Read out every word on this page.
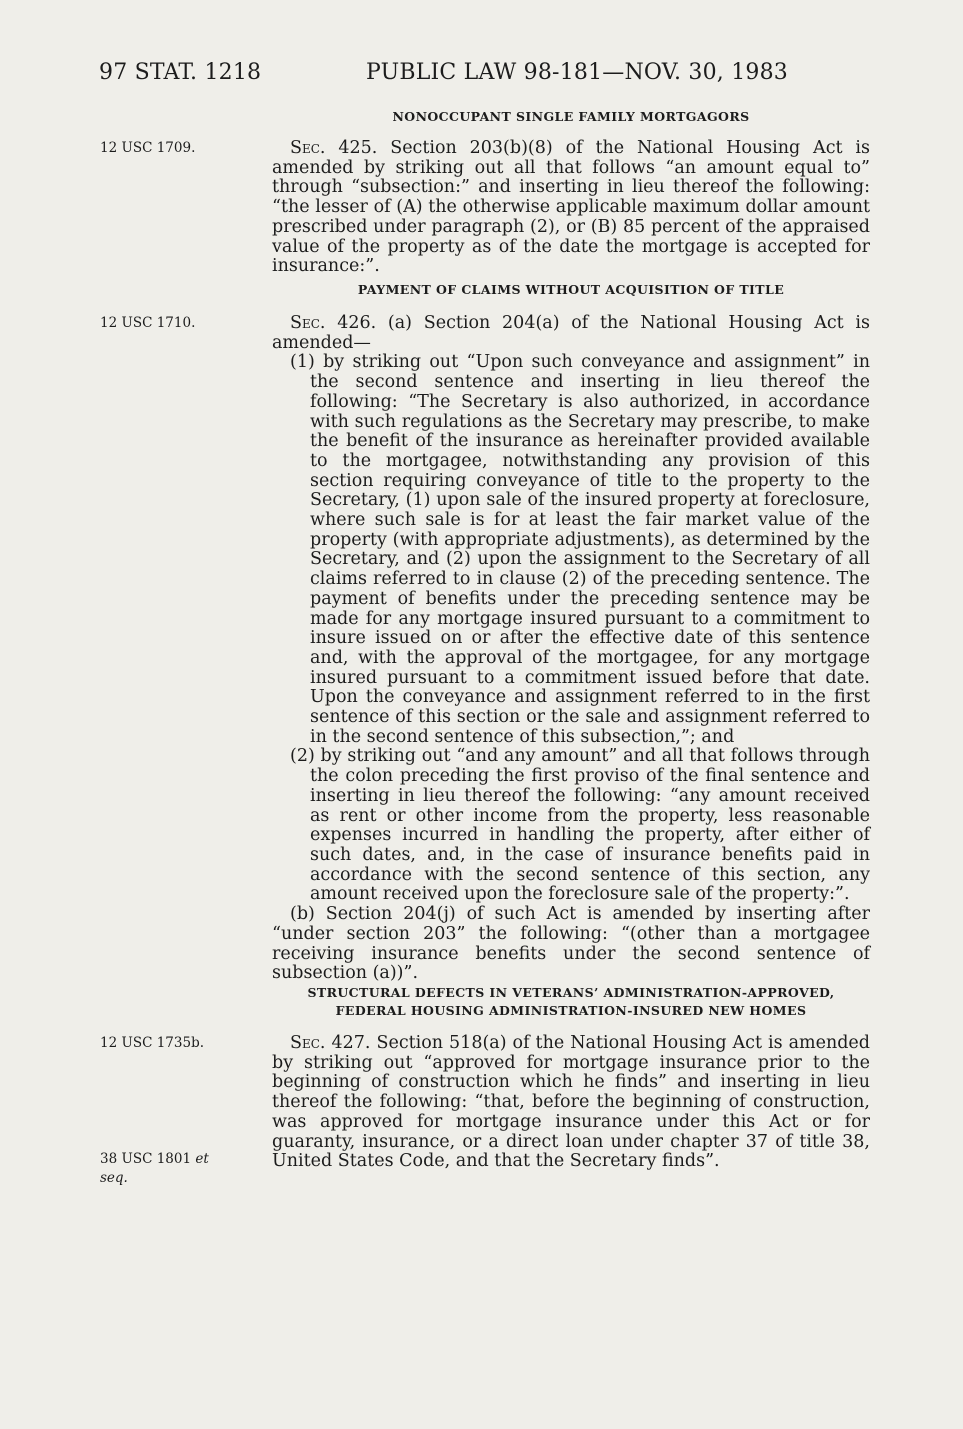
97 STAT. 1218	PUBLIC LAW 98-181—NOV. 30, 1983
NONOCCUPANT SINGLE FAMILY MORTGAGORS
12 USC 1709.	Sec. 425. Section 203(b)(8) of the National Housing Act is amended by striking out all that follows “an amount equal to” through “subsection:” and inserting in lieu thereof the following: “the lesser of (A) the otherwise applicable maximum dollar amount prescribed under paragraph (2), or (B) 85 percent of the appraised value of the property as of the date the mortgage is accepted for insurance:”.

PAYMENT OF CLAIMS WITHOUT ACQUISITION OF TITLE
12 USC 1710.	Sec. 426. (a) Section 204(a) of the National Housing Act is amended—

(1) by striking out “Upon such conveyance and assignment” in the second sentence and inserting in lieu thereof the following: “The Secretary is also authorized, in accordance with such regulations as the Secretary may prescribe, to make the benefit of the insurance as hereinafter provided available to the mortgagee, notwithstanding any provision of this section requiring conveyance of title to the property to the Secretary, (1) upon sale of the insured property at foreclosure, where such sale is for at least the fair market value of the property (with appropriate adjustments), as determined by the Secretary, and (2) upon the assignment to the Secretary of all claims referred to in clause (2) of the preceding sentence. The payment of benefits under the preceding sentence may be made for any mortgage insured pursuant to a commitment to insure issued on or after the effective date of this sentence and, with the approval of the mortgagee, for any mortgage insured pursuant to a commitment issued before that date. Upon the conveyance and assignment referred to in the first sentence of this section or the sale and assignment referred to in the second sentence of this subsection,”; and

(2) by striking out “and any amount” and all that follows through the colon preceding the first proviso of the final sentence and inserting in lieu thereof the following: “any amount received as rent or other income from the property, less reasonable expenses incurred in handling the property, after either of such dates, and, in the case of insurance benefits paid in accordance with the second sentence of this section, any amount received upon the foreclosure sale of the property:”.

(b) Section 204(j) of such Act is amended by inserting after “under section 203” the following: “(other than a mortgagee receiving insurance benefits under the second sentence of subsection (a))”.

STRUCTURAL DEFECTS IN VETERANS’ ADMINISTRATION-APPROVED,
FEDERAL HOUSING ADMINISTRATION-INSURED NEW HOMES
12 USC 1735b.
38 USC 1801 et
seq.

Sec. 427. Section 518(a) of the National Housing Act is amended by striking out “approved for mortgage insurance prior to the beginning of construction which he finds” and inserting in lieu thereof the following: “that, before the beginning of construction, was approved for mortgage insurance under this Act or for guaranty, insurance, or a direct loan under chapter 37 of title 38, United States Code, and that the Secretary finds”.
